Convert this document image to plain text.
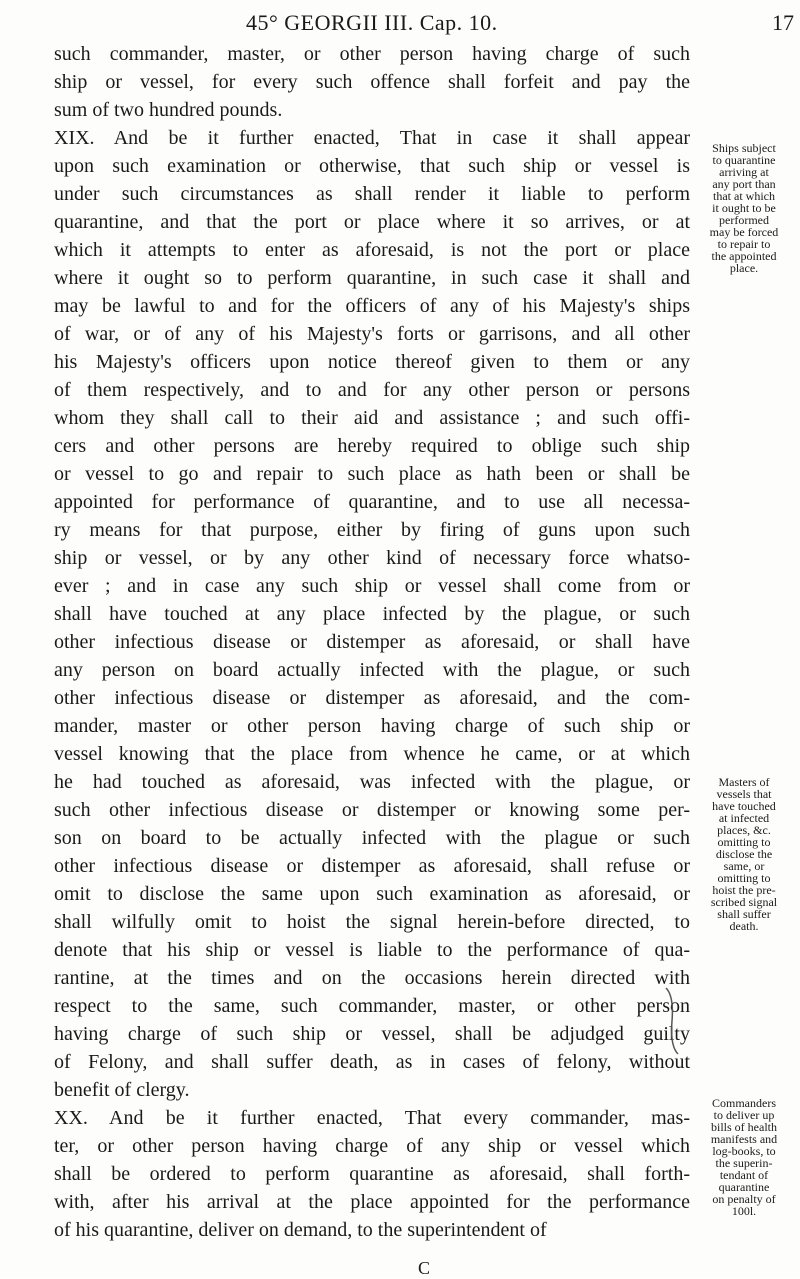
45° GEORGII III. Cap. 10.	17
such commander, master, or other person having charge of such
ship or vessel, for every such offence shall forfeit and pay the
sum of two hundred pounds.
XIX. And be it further enacted, That in case it shall appear
upon such examination or otherwise, that such ship or vessel is
under such circumstances as shall render it liable to perform
quarantine, and that the port or place where it so arrives, or at
which it attempts to enter as aforesaid, is not the port or place
where it ought so to perform quarantine, in such case it shall and
may be lawful to and for the officers of any of his Majesty's ships
of war, or of any of his Majesty's forts or garrisons, and all other
his Majesty's officers upon notice thereof given to them or any
of them respectively, and to and for any other person or persons
whom they shall call to their aid and assistance ; and such offi-
cers and other persons are hereby required to oblige such ship
or vessel to go and repair to such place as hath been or shall be
appointed for performance of quarantine, and to use all necessa-
ry means for that purpose, either by firing of guns upon such
ship or vessel, or by any other kind of necessary force whatso-
ever ; and in case any such ship or vessel shall come from or
shall have touched at any place infected by the plague, or such
other infectious disease or distemper as aforesaid, or shall have
any person on board actually infected with the plague, or such
other infectious disease or distemper as aforesaid, and the com-
mander, master or other person having charge of such ship or
vessel knowing that the place from whence he came, or at which
he had touched as aforesaid, was infected with the plague, or
such other infectious disease or distemper or knowing some per-
son on board to be actually infected with the plague or such
other infectious disease or distemper as aforesaid, shall refuse or
omit to disclose the same upon such examination as aforesaid, or
shall wilfully omit to hoist the signal herein-before directed, to
denote that his ship or vessel is liable to the performance of qua-
rantine, at the times and on the occasions herein directed with
respect to the same, such commander, master, or other person
having charge of such ship or vessel, shall be adjudged guilty
of Felony, and shall suffer death, as in cases of felony, without
benefit of clergy.
XX. And be it further enacted, That every commander, mas-
ter, or other person having charge of any ship or vessel which
shall be ordered to perform quarantine as aforesaid, shall forth-
with, after his arrival at the place appointed for the performance
of his quarantine, deliver on demand, to the superintendent of
Ships subject
to quarantine
arriving at
any port than
that at which
it ought to be
performed
may be forced
to repair to
the appointed
place.
Masters of
vessels that
have touched
at infected
places, &c.
omitting to
disclose the
same, or
omitting to
hoist the pre-
scribed signal
shall suffer
death.
Commanders
to deliver up
bills of health
manifests and
log-books, to
the superin-
tendant of
quarantine
on penalty of
100l.
C
